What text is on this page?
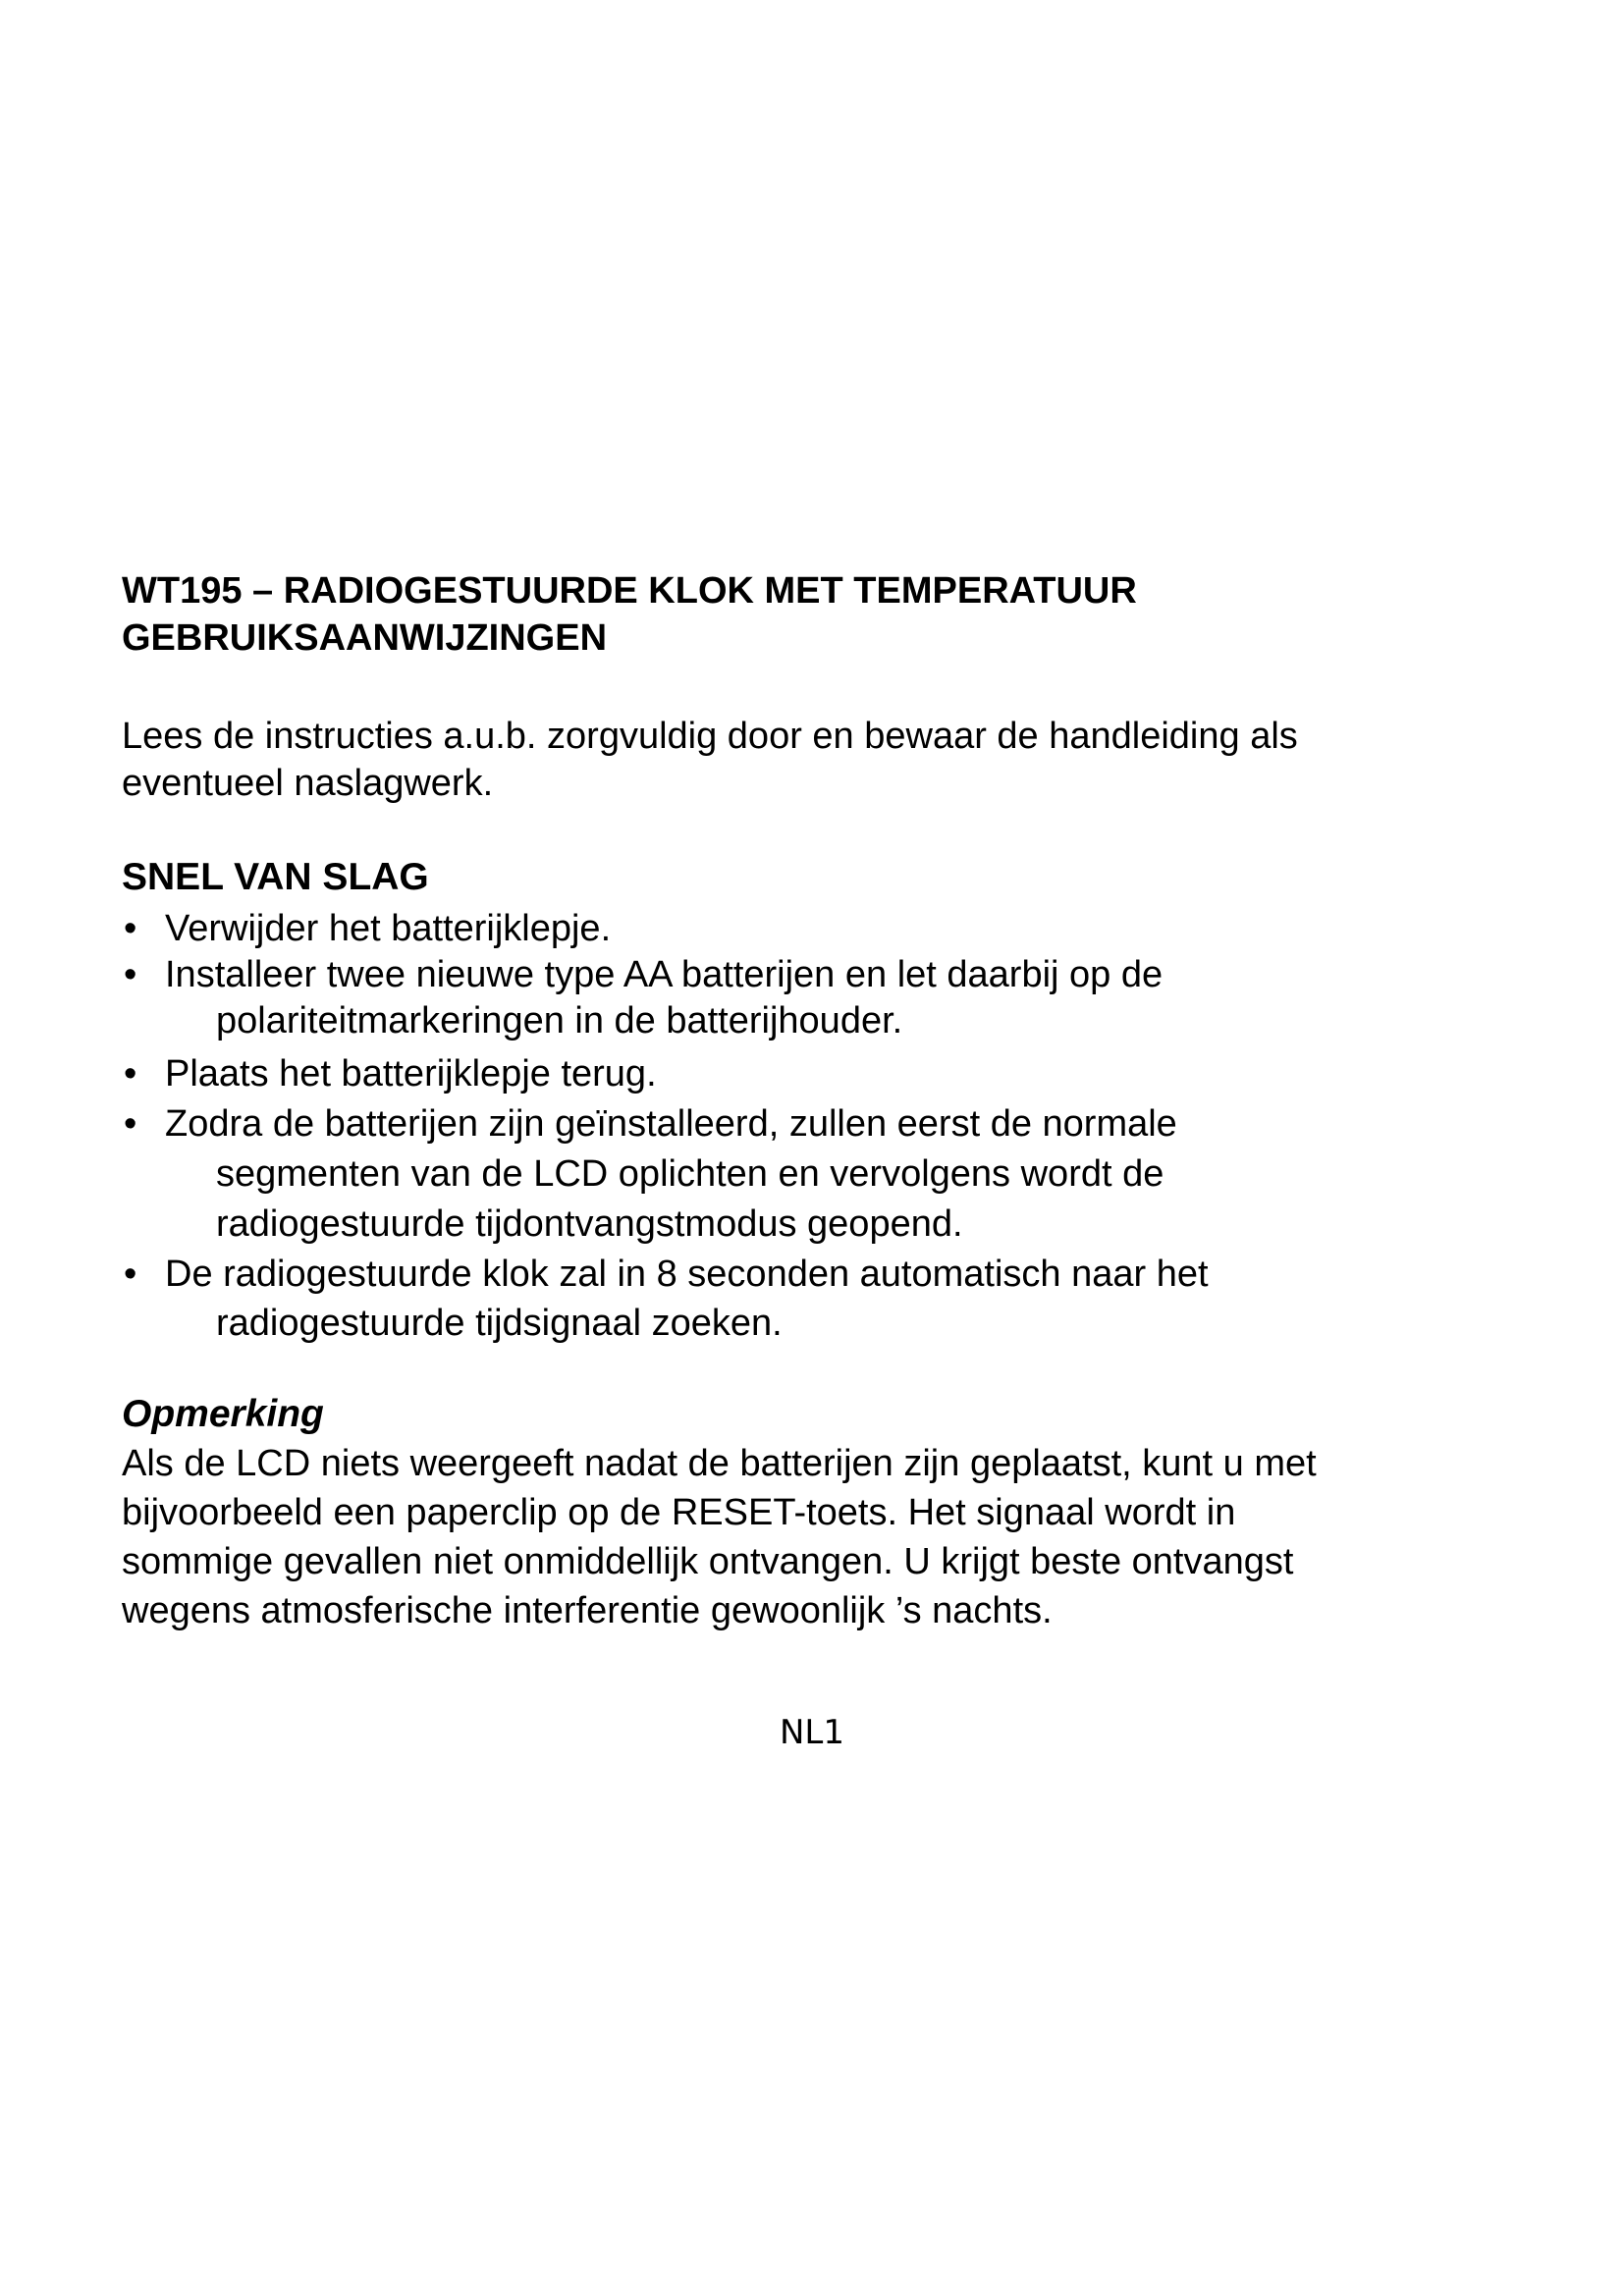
WT195 – RADIOGESTUURDE KLOK MET TEMPERATUUR
GEBRUIKSAANWIJZINGEN

Lees de instructies a.u.b. zorgvuldig door en bewaar de handleiding als
eventueel naslagwerk.

SNEL VAN SLAG
• Verwijder het batterijklepje.
• Installeer twee nieuwe type AA batterijen en let daarbij op de
polariteitmarkeringen in de batterijhouder.
• Plaats het batterijklepje terug.
• Zodra de batterijen zijn geïnstalleerd, zullen eerst de normale
segmenten van de LCD oplichten en vervolgens wordt de
radiogestuurde tijdontvangstmodus geopend.
• De radiogestuurde klok zal in 8 seconden automatisch naar het
radiogestuurde tijdsignaal zoeken.
Opmerking

Als de LCD niets weergeeft nadat de batterijen zijn geplaatst, kunt u met
bijvoorbeeld een paperclip op de RESET-toets. Het signaal wordt in
sommige gevallen niet onmiddellijk ontvangen. U krijgt beste ontvangst
wegens atmosferische interferentie gewoonlijk ’s nachts.

NL1
